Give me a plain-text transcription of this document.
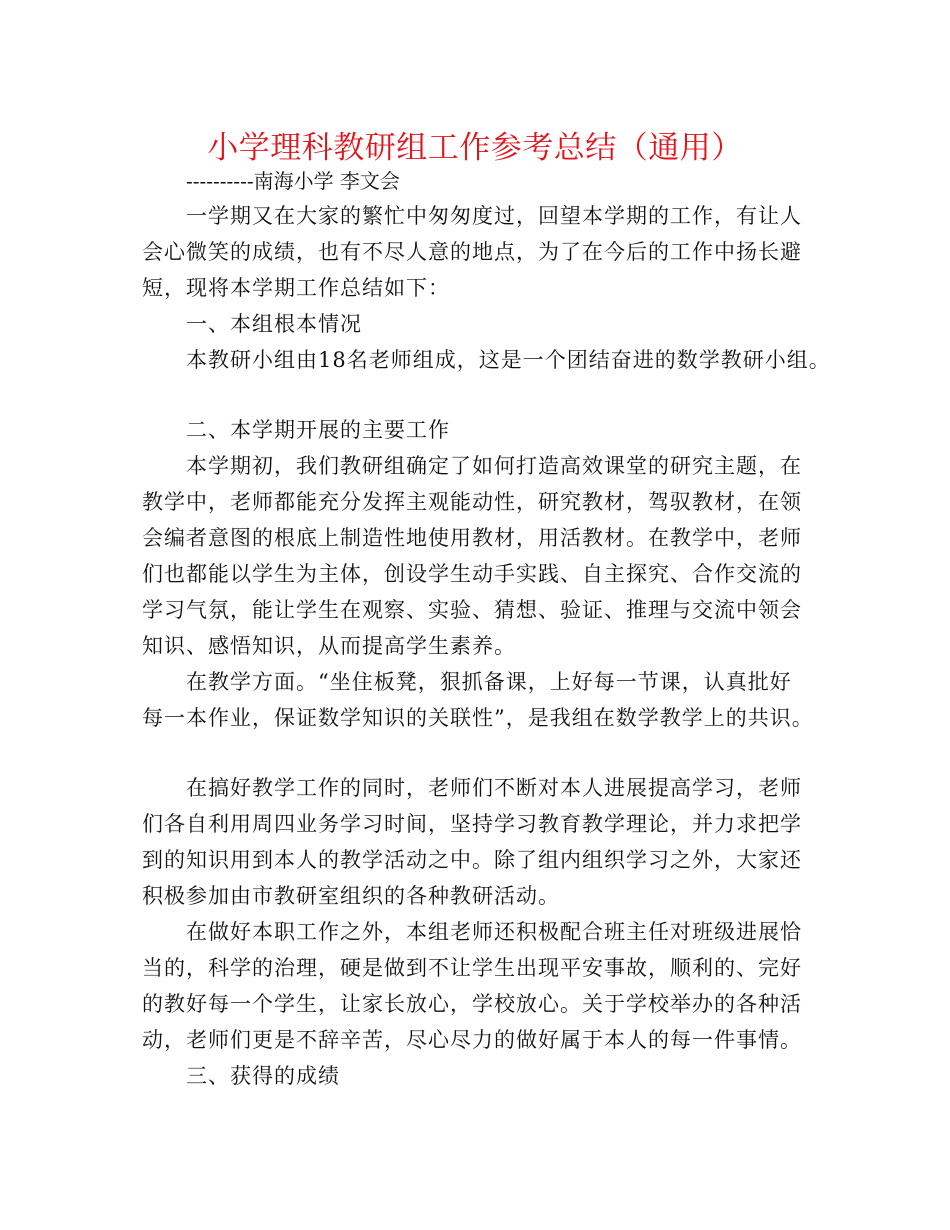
小学理科教研组工作参考总结（通用）
----------南海小学 李文会
一学期又在大家的繁忙中匆匆度过，回望本学期的工作，有让人
会心微笑的成绩，也有不尽人意的地点，为了在今后的工作中扬长避
短，现将本学期工作总结如下：
一、本组根本情况
本教研小组由18名老师组成，这是一个团结奋进的数学教研小组。
二、本学期开展的主要工作
本学期初，我们教研组确定了如何打造高效课堂的研究主题，在
教学中，老师都能充分发挥主观能动性，研究教材，驾驭教材，在领
会编者意图的根底上制造性地使用教材，用活教材。在教学中，老师
们也都能以学生为主体，创设学生动手实践、自主探究、合作交流的
学习气氛，能让学生在观察、实验、猜想、验证、推理与交流中领会
知识、感悟知识，从而提高学生素养。
在教学方面。“坐住板凳，狠抓备课，上好每一节课，认真批好
每一本作业，保证数学知识的关联性”，是我组在数学教学上的共识。
在搞好教学工作的同时，老师们不断对本人进展提高学习，老师
们各自利用周四业务学习时间，坚持学习教育教学理论，并力求把学
到的知识用到本人的教学活动之中。除了组内组织学习之外，大家还
积极参加由市教研室组织的各种教研活动。
在做好本职工作之外，本组老师还积极配合班主任对班级进展恰
当的，科学的治理，硬是做到不让学生出现平安事故，顺利的、完好
的教好每一个学生，让家长放心，学校放心。关于学校举办的各种活
动，老师们更是不辞辛苦，尽心尽力的做好属于本人的每一件事情。
三、获得的成绩
